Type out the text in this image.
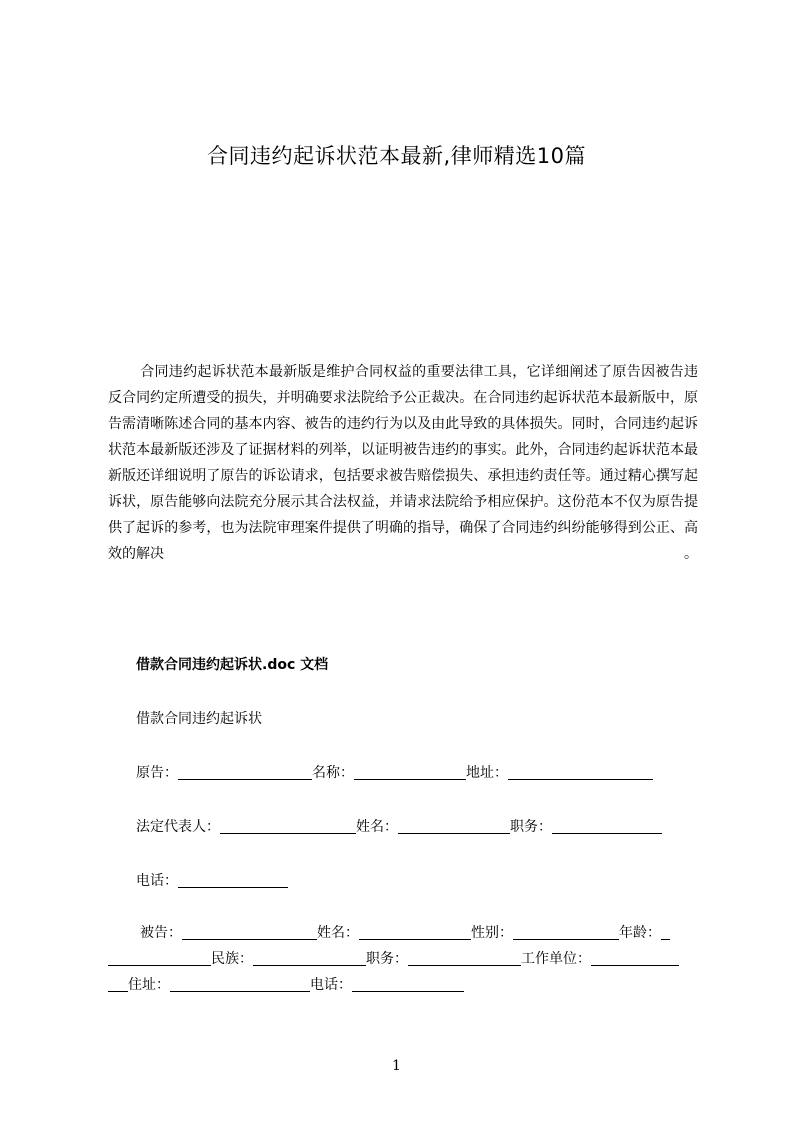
合同违约起诉状范本最新,律师精选10篇

合同违约起诉状范本最新版是维护合同权益的重要法律工具，它详细阐述了原告因被告违反合同约定所遭受的损失，并明确要求法院给予公正裁决。在合同违约起诉状范本最新版中，原告需清晰陈述合同的基本内容、被告的违约行为以及由此导致的具体损失。同时，合同违约起诉状范本最新版还涉及了证据材料的列举，以证明被告违约的事实。此外，合同违约起诉状范本最新版还详细说明了原告的诉讼请求，包括要求被告赔偿损失、承担违约责任等。通过精心撰写起诉状，原告能够向法院充分展示其合法权益，并请求法院给予相应保护。这份范本不仅为原告提供了起诉的参考，也为法院审理案件提供了明确的指导，确保了合同违约纠纷能够得到公正、高效的解决	。

借款合同违约起诉状.doc 文档
借款合同违约起诉状
原告：	名称：	地址：
法定代表人：	姓名：	职务：
电话：
被告：	姓名：	性别：	年龄：
民族：	职务：	工作单位：
住址：	电话：
1
